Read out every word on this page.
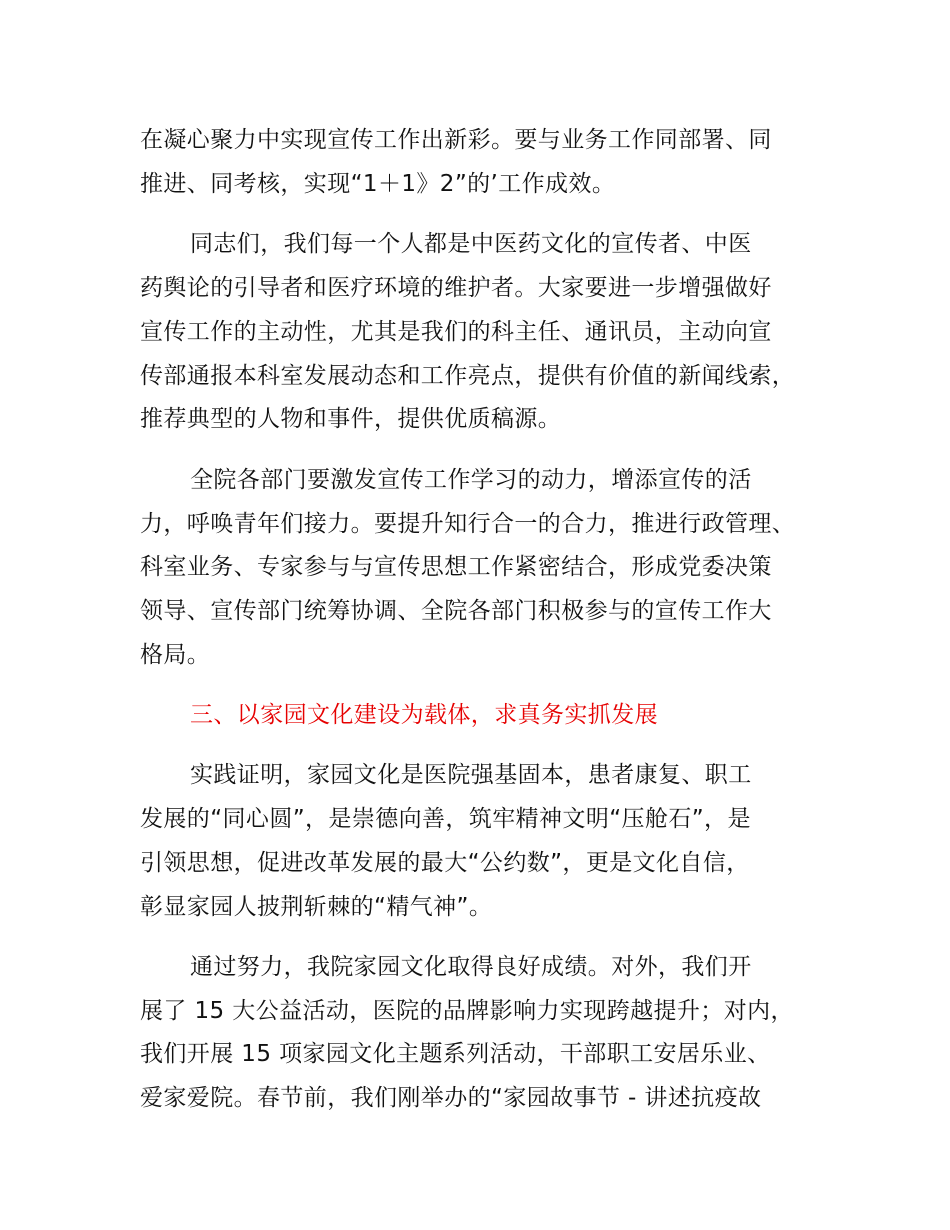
在凝心聚力中实现宣传工作出新彩。要与业务工作同部署、同
推进、同考核，实现“1＋1》2”的’工作成效。
同志们，我们每一个人都是中医药文化的宣传者、中医
药舆论的引导者和医疗环境的维护者。大家要进一步增强做好
宣传工作的主动性，尤其是我们的科主任、通讯员，主动向宣
传部通报本科室发展动态和工作亮点，提供有价值的新闻线索，
推荐典型的人物和事件，提供优质稿源。
全院各部门要激发宣传工作学习的动力，增添宣传的活
力，呼唤青年们接力。要提升知行合一的合力，推进行政管理、
科室业务、专家参与与宣传思想工作紧密结合，形成党委决策
领导、宣传部门统筹协调、全院各部门积极参与的宣传工作大
格局。
三、以家园文化建设为载体，求真务实抓发展
实践证明，家园文化是医院强基固本，患者康复、职工
发展的“同心圆”，是崇德向善，筑牢精神文明“压舱石”，是
引领思想，促进改革发展的最大“公约数”，更是文化自信，
彰显家园人披荆斩棘的“精气神”。
通过努力，我院家园文化取得良好成绩。对外，我们开
展了 15 大公益活动，医院的品牌影响力实现跨越提升；对内，
我们开展 15 项家园文化主题系列活动，干部职工安居乐业、
爱家爱院。春节前，我们刚举办的“家园故事节 - 讲述抗疫故
